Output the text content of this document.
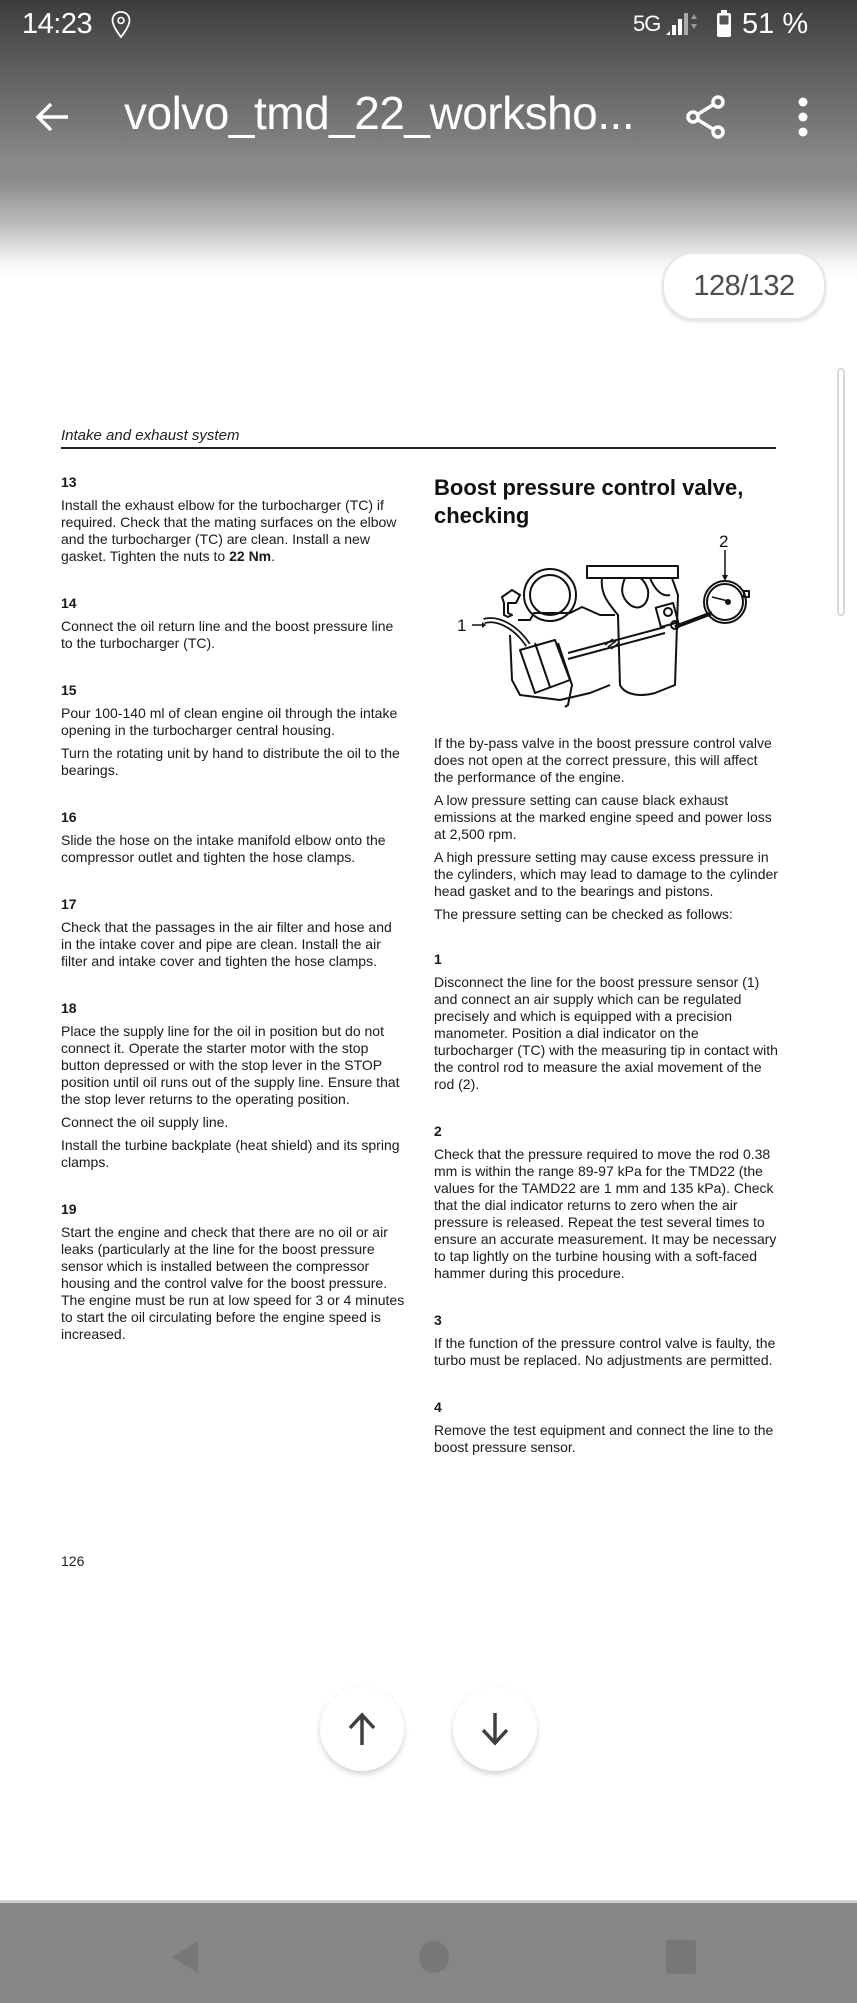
14:23	5G	51 %
volvo_tmd_22_worksho...
128/132
Intake and exhaust system

13

Install the exhaust elbow for the turbocharger (TC) if required. Check that the mating surfaces on the elbow and the turbocharger (TC) are clean. Install a new gasket. Tighten the nuts to 22 Nm.

14

Connect the oil return line and the boost pressure line to the turbocharger (TC).

15

Pour 100-140 ml of clean engine oil through the intake opening in the turbocharger central housing.

Turn the rotating unit by hand to distribute the oil to the bearings.

16

Slide the hose on the intake manifold elbow onto the compressor outlet and tighten the hose clamps.

17

Check that the passages in the air filter and hose and in the intake cover and pipe are clean. Install the air filter and intake cover and tighten the hose clamps.

18

Place the supply line for the oil in position but do not connect it. Operate the starter motor with the stop button depressed or with the stop lever in the STOP position until oil runs out of the supply line. Ensure that the stop lever returns to the operating position.

Connect the oil supply line.

Install the turbine backplate (heat shield) and its spring clamps.

19

Start the engine and check that there are no oil or air leaks (particularly at the line for the boost pressure sensor which is installed between the compressor housing and the control valve for the boost pressure. The engine must be run at low speed for 3 or 4 minutes to start the oil circulating before the engine speed is increased.

Boost pressure control valve, checking

If the by-pass valve in the boost pressure control valve does not open at the correct pressure, this will affect the performance of the engine.

A low pressure setting can cause black exhaust emissions at the marked engine speed and power loss at 2,500 rpm.

A high pressure setting may cause excess pressure in the cylinders, which may lead to damage to the cylinder head gasket and to the bearings and pistons.

The pressure setting can be checked as follows:

1

Disconnect the line for the boost pressure sensor (1) and connect an air supply which can be regulated precisely and which is equipped with a precision manometer. Position a dial indicator on the turbocharger (TC) with the measuring tip in contact with the control rod to measure the axial movement of the rod (2).

2

Check that the pressure required to move the rod 0.38 mm is within the range 89-97 kPa for the TMD22 (the values for the TAMD22 are 1 mm and 135 kPa). Check that the dial indicator returns to zero when the air pressure is released. Repeat the test several times to ensure an accurate measurement. It may be necessary to tap lightly on the turbine housing with a soft-faced hammer during this procedure.

3

If the function of the pressure control valve is faulty, the turbo must be replaced. No adjustments are permitted.

4

Remove the test equipment and connect the line to the boost pressure sensor.

1
2
126
